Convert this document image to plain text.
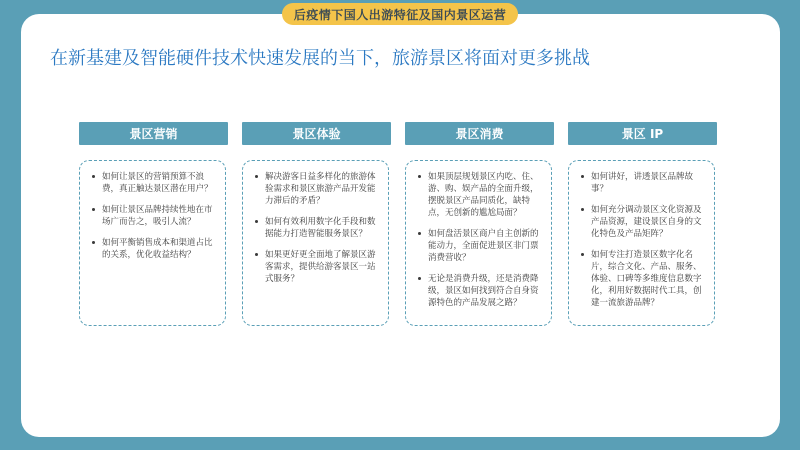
后疫情下国人出游特征及国内景区运营
在新基建及智能硬件技术快速发展的当下，旅游景区将面对更多挑战
景区营销	景区体验	景区消费	景区 IP
如何让景区的营销预算不浪费，真正触达景区潜在用户？
如何让景区品牌持续性地在市场广而告之，吸引人流？
如何平衡销售成本和渠道占比的关系，优化收益结构？
解决游客日益多样化的旅游体验需求和景区旅游产品开发能力滞后的矛盾？
如何有效利用数字化手段和数据能力打造智能服务景区？
如果更好更全面地了解景区游客需求，提供给游客景区一站式服务？
如果顶层规划景区内吃、住、游、购、娱产品的全面升级，摆脱景区产品同质化，缺特点，无创新的尴尬局面？
如何盘活景区商户自主创新的能动力，全面促进景区非门票消费营收？
无论是消费升级，还是消费降级，景区如何找到符合自身资源特色的产品发展之路？
如何讲好，讲透景区品牌故事？
如何充分调动景区文化资源及产品资源，建设景区自身的文化特色及产品矩阵？
如何专注打造景区数字化名片，综合文化、产品、服务、体验、口碑等多维度信息数字化，利用好数据时代工具，创建一流旅游品牌？
